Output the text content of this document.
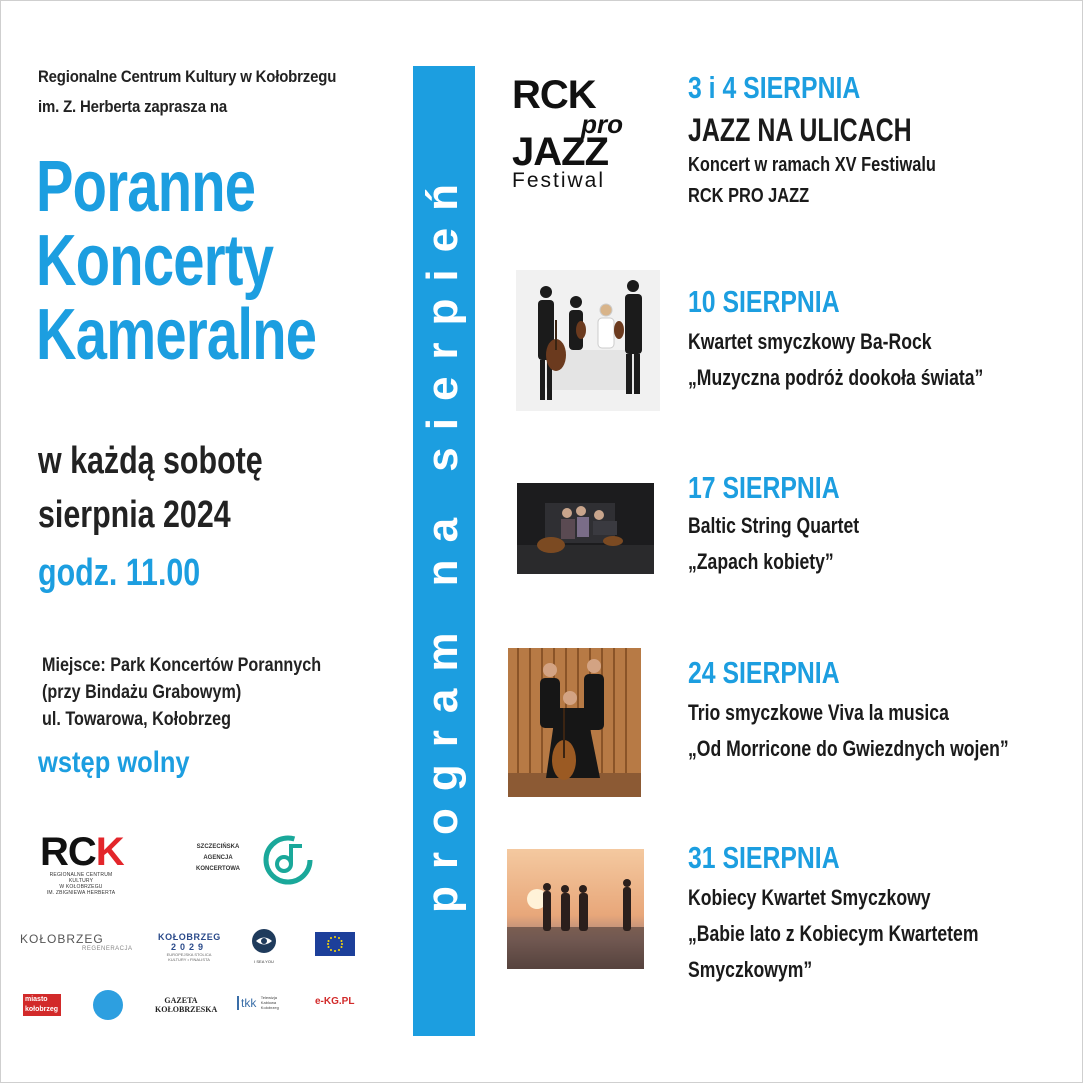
Regionalne Centrum Kultury w Kołobrzegu
im. Z. Herberta zaprasza na
Poranne
Koncerty
Kameralne
w każdą sobotę
sierpnia 2024
godz. 11.00
Miejsce: Park Koncertów Porannych
(przy Bindażu Grabowym)
ul. Towarowa, Kołobrzeg
wstęp wolny
RCK
REGIONALNE CENTRUM KULTURY
W KOŁOBRZEGU
IM. ZBIGNIEWA HERBERTA
SZCZECIŃSKA
AGENCJA
KONCERTOWA
KOŁOBRZEG
REGENERACJA
KOŁOBRZEG
2029
EUROPEJSKA STOLICA
KULTURY • FINALISTA	I SEA YOU
miasto kołobrzeg
GAZETA
KOŁOBRZESKA	tkk Telewizja Kablowa Kołobrzeg
e-KG.PL
program na sierpień
RCK
pro
JAZZ
Festiwal
3 i 4 SIERPNIA
JAZZ NA ULICACH
Koncert w ramach XV Festiwalu
RCK PRO JAZZ
10 SIERPNIA
Kwartet smyczkowy Ba-Rock
„Muzyczna podróż dookoła świata”
17 SIERPNIA
Baltic String Quartet
„Zapach kobiety”
24 SIERPNIA
Trio smyczkowe Viva la musica
„Od Morricone do Gwiezdnych wojen”
31 SIERPNIA
Kobiecy Kwartet Smyczkowy
„Babie lato z Kobiecym Kwartetem
Smyczkowym”
